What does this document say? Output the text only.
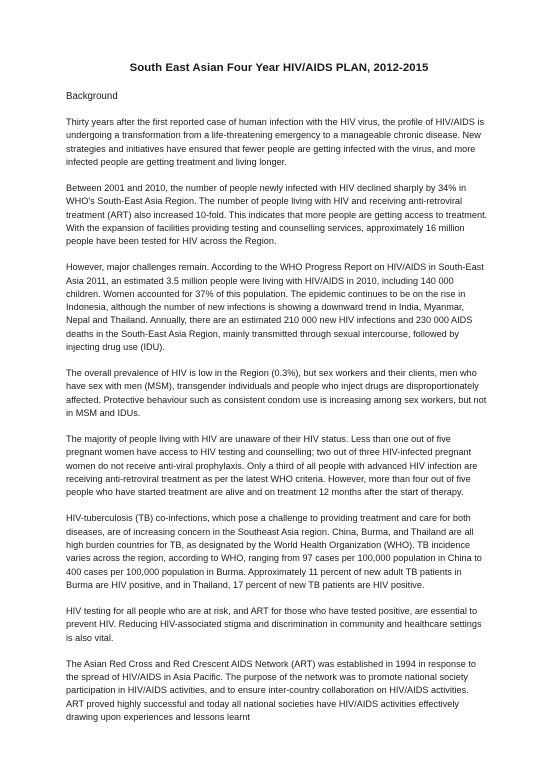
South East Asian Four Year HIV/AIDS PLAN, 2012-2015
Background

Thirty years after the first reported case of human infection with the HIV virus, the profile of HIV/AIDS is undergoing a transformation from a life-threatening emergency to a manageable chronic disease. New strategies and initiatives have ensured that fewer people are getting infected with the virus, and more infected people are getting treatment and living longer.

Between 2001 and 2010, the number of people newly infected with HIV declined sharply by 34% in WHO's South-East Asia Region. The number of people living with HIV and receiving anti-retroviral treatment (ART) also increased 10-fold. This indicates that more people are getting access to treatment. With the expansion of facilities providing testing and counselling services, approximately 16 million people have been tested for HIV across the Region.

However, major challenges remain. According to the WHO Progress Report on HIV/AIDS in South-East Asia 2011, an estimated 3.5 million people were living with HIV/AIDS in 2010, including 140 000 children. Women accounted for 37% of this population. The epidemic continues to be on the rise in Indonesia, although the number of new infections is showing a downward trend in India, Myanmar, Nepal and Thailand. Annually, there are an estimated 210 000 new HIV infections and 230 000 AIDS deaths in the South-East Asia Region, mainly transmitted through sexual intercourse, followed by injecting drug use (IDU).

The overall prevalence of HIV is low in the Region (0.3%), but sex workers and their clients, men who have sex with men (MSM), transgender individuals and people who inject drugs are disproportionately affected. Protective behaviour such as consistent condom use is increasing among sex workers, but not in MSM and IDUs.

The majority of people living with HIV are unaware of their HIV status. Less than one out of five pregnant women have access to HIV testing and counselling; two out of three HIV-infected pregnant women do not receive anti-viral prophylaxis. Only a third of all people with advanced HIV infection are receiving anti-retroviral treatment as per the latest WHO criteria. However, more than four out of five people who have started treatment are alive and on treatment 12 months after the start of therapy.

HIV-tuberculosis (TB) co-infections, which pose a challenge to providing treatment and care for both diseases, are of increasing concern in the Southeast Asia region. China, Burma, and Thailand are all high burden countries for TB, as designated by the World Health Organization (WHO). TB incidence varies across the region, according to WHO, ranging from 97 cases per 100,000 population in China to 400 cases per 100,000 population in Burma. Approximately 11 percent of new adult TB patients in Burma are HIV positive, and in Thailand, 17 percent of new TB patients are HIV positive.

HIV testing for all people who are at risk, and ART for those who have tested positive, are essential to prevent HIV. Reducing HIV-associated stigma and discrimination in community and healthcare settings is also vital.

The Asian Red Cross and Red Crescent AIDS Network (ART) was established in 1994 in response to the spread of HIV/AIDS in Asia Pacific. The purpose of the network was to promote national society participation in HIV/AIDS activities, and to ensure inter-country collaboration on HIV/AIDS activities. ART proved highly successful and today all national societies have HIV/AIDS activities effectively drawing upon experiences and lessons learnt
